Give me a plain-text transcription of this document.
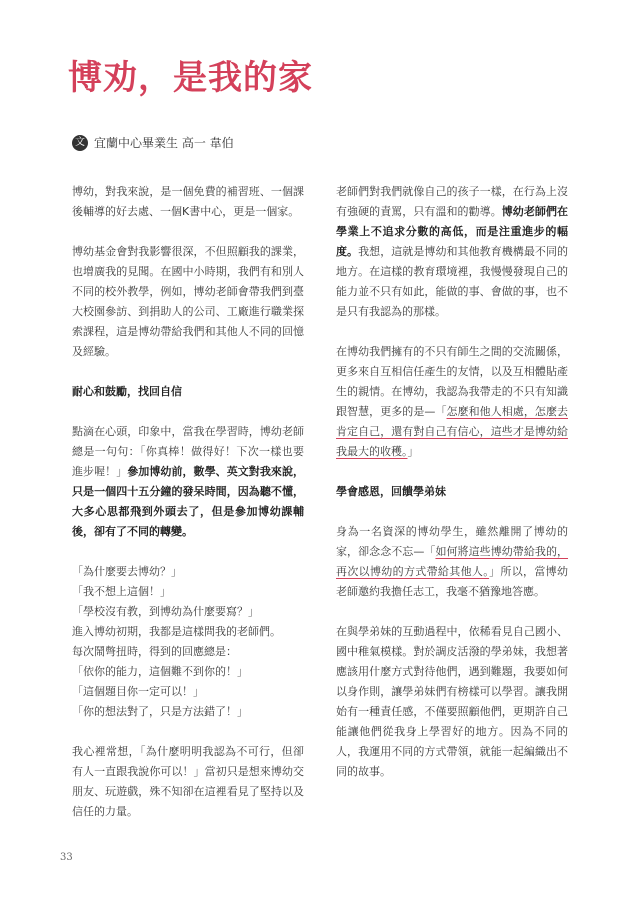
博劝，是我的家
文 宜蘭中心畢業生 高一 韋伯

博幼，對我來說，是一個免費的補習班、一個課後輔導的好去處、一個K書中心，更是一個家。

博幼基金會對我影響很深，不但照顧我的課業，也增廣我的見聞。在國中小時期，我們有和別人不同的校外教學，例如，博幼老師會帶我們到臺大校園參訪、到捐助人的公司、工廠進行職業探索課程，這是博幼帶給我們和其他人不同的回憶及經驗。

耐心和鼓勵，找回自信

點滴在心頭，印象中，當我在學習時，博幼老師總是一句句：「你真棒！做得好！下次一樣也要進步喔！」參加博幼前，數學、英文對我來說，只是一個四十五分鐘的發呆時間，因為聽不懂，大多心思都飛到外頭去了，但是參加博幼課輔後，卻有了不同的轉變。

「為什麼要去博幼？」

「我不想上這個！」

「學校沒有教，到博幼為什麼要寫？」

進入博幼初期，我都是這樣問我的老師們。

每次鬧彆扭時，得到的回應總是：

「依你的能力，這個難不到你的！」

「這個題目你一定可以！」

「你的想法對了，只是方法錯了！」

我心裡常想，「為什麼明明我認為不可行，但卻有人一直跟我說你可以！」當初只是想來博幼交朋友、玩遊戲，殊不知卻在這裡看見了堅持以及信任的力量。

老師們對我們就像自己的孩子一樣，在行為上沒有強硬的責罵，只有溫和的勸導。博幼老師們在學業上不追求分數的高低，而是注重進步的幅度。我想，這就是博幼和其他教育機構最不同的地方。在這樣的教育環境裡，我慢慢發現自己的能力並不只有如此，能做的事、會做的事，也不是只有我認為的那樣。

在博幼我們擁有的不只有師生之間的交流關係，更多來自互相信任產生的友情，以及互相體貼產生的親情。在博幼，我認為我帶走的不只有知識跟智慧，更多的是—「怎麼和他人相處，怎麼去肯定自己，還有對自己有信心，這些才是博幼給我最大的收穫。」

學會感恩，回饋學弟妹

身為一名資深的博幼學生，雖然離開了博幼的家，卻念念不忘—「如何將這些博幼帶給我的，再次以博幼的方式帶給其他人。」所以，當博幼老師邀約我擔任志工，我毫不猶豫地答應。

在與學弟妹的互動過程中，依稀看見自己國小、國中稚氣模樣。對於調皮活潑的學弟妹，我想著應該用什麼方式對待他們，遇到難題，我要如何以身作則，讓學弟妹們有榜樣可以學習。讓我開始有一種責任感，不僅要照顧他們，更期許自己能讓他們從我身上學習好的地方。因為不同的人，我運用不同的方式帶領，就能一起編織出不同的故事。

33
